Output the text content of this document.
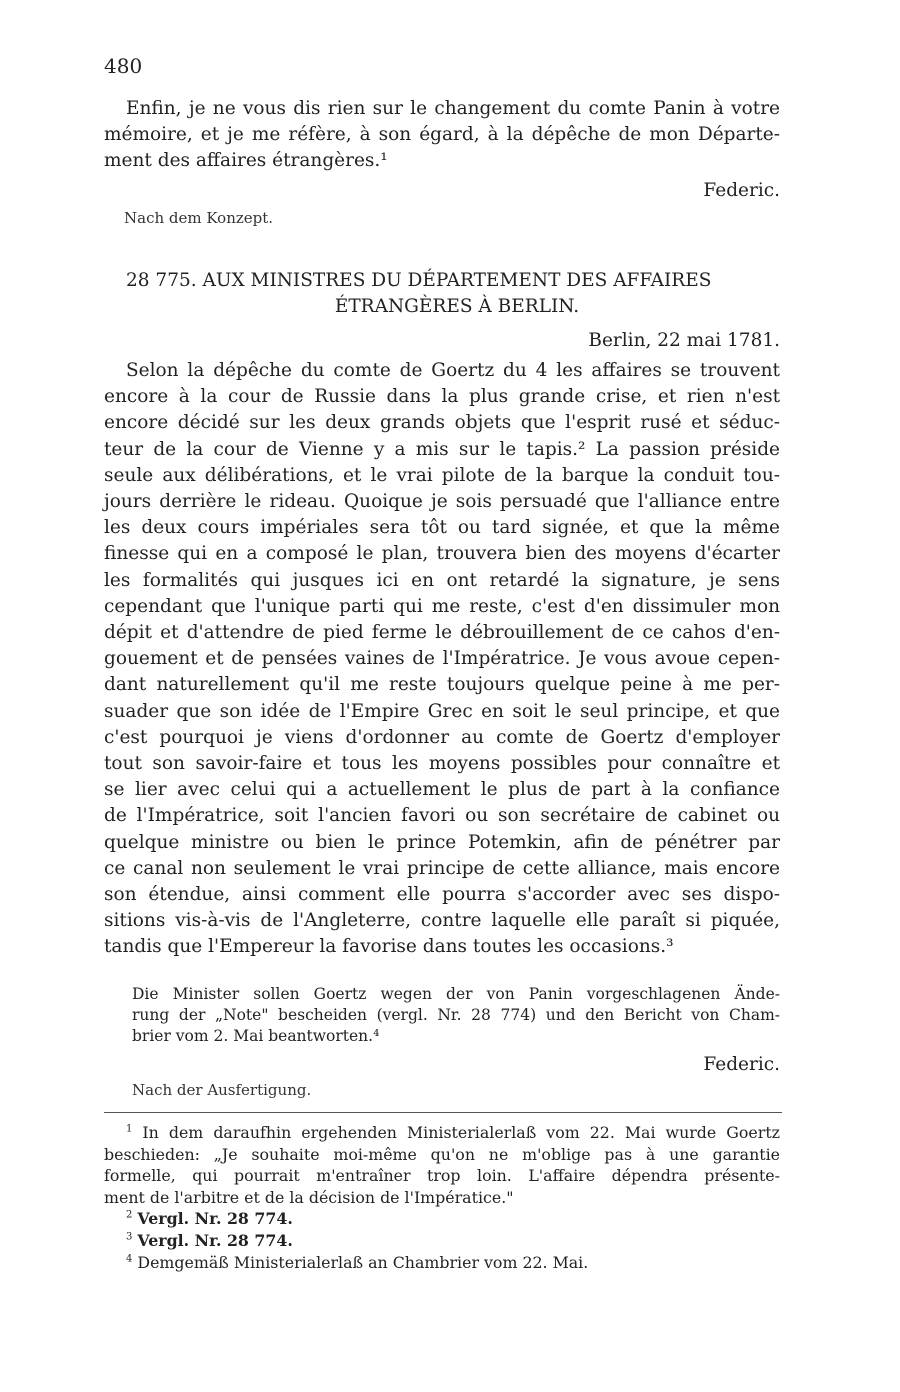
480
Enfin, je ne vous dis rien sur le changement du comte Panin à votre
mémoire, et je me réfère, à son égard, à la dépêche de mon Départe-
ment des affaires étrangères.¹
Federic.
Nach dem Konzept.
28 775. AUX MINISTRES DU DÉPARTEMENT DES AFFAIRES
ÉTRANGÈRES À BERLIN.
Berlin, 22 mai 1781.
Selon la dépêche du comte de Goertz du 4 les affaires se trouvent
encore à la cour de Russie dans la plus grande crise, et rien n'est
encore décidé sur les deux grands objets que l'esprit rusé et séduc-
teur de la cour de Vienne y a mis sur le tapis.² La passion préside
seule aux délibérations, et le vrai pilote de la barque la conduit tou-
jours derrière le rideau. Quoique je sois persuadé que l'alliance entre
les deux cours impériales sera tôt ou tard signée, et que la même
finesse qui en a composé le plan, trouvera bien des moyens d'écarter
les formalités qui jusques ici en ont retardé la signature, je sens
cependant que l'unique parti qui me reste, c'est d'en dissimuler mon
dépit et d'attendre de pied ferme le débrouillement de ce cahos d'en-
gouement et de pensées vaines de l'Impératrice. Je vous avoue cepen-
dant naturellement qu'il me reste toujours quelque peine à me per-
suader que son idée de l'Empire Grec en soit le seul principe, et que
c'est pourquoi je viens d'ordonner au comte de Goertz d'employer
tout son savoir-faire et tous les moyens possibles pour connaître et
se lier avec celui qui a actuellement le plus de part à la confiance
de l'Impératrice, soit l'ancien favori ou son secrétaire de cabinet ou
quelque ministre ou bien le prince Potemkin, afin de pénétrer par
ce canal non seulement le vrai principe de cette alliance, mais encore
son étendue, ainsi comment elle pourra s'accorder avec ses dispo-
sitions vis-à-vis de l'Angleterre, contre laquelle elle paraît si piquée,
tandis que l'Empereur la favorise dans toutes les occasions.³
Die Minister sollen Goertz wegen der von Panin vorgeschlagenen Ände-
rung der „Note" bescheiden (vergl. Nr. 28 774) und den Bericht von Cham-
brier vom 2. Mai beantworten.⁴
Federic.
Nach der Ausfertigung.
$^1$ In dem daraufhin ergehenden Ministerialerlaß vom 22. Mai wurde Goertz
beschieden: „Je souhaite moi-même qu'on ne m'oblige pas à une garantie
formelle, qui pourrait m'entraîner trop loin. L'affaire dépendra présente-
ment de l'arbitre et de la décision de l'Impératice."
$^2$ Vergl. Nr. 28 774.
$^3$ Vergl. Nr. 28 774.
$^4$ Demgemäß Ministerialerlaß an Chambrier vom 22. Mai.
